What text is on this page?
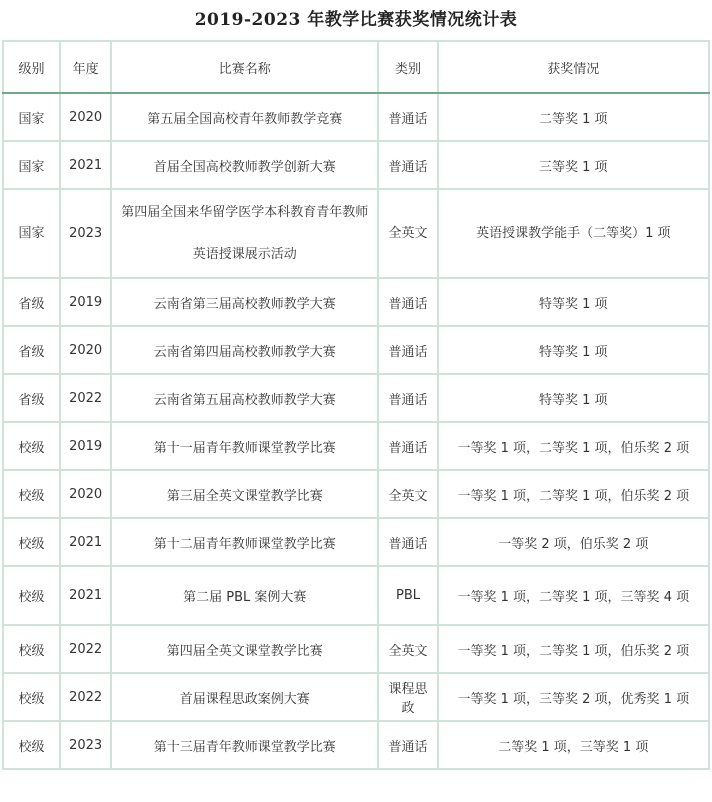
2019-2023 年教学比赛获奖情况统计表
级别	年度	比赛名称	类别	获奖情况
国家	2020	第五届全国高校青年教师教学竞赛	普通话	二等奖 1 项
国家	2021	首届全国高校教师教学创新大赛	普通话	三等奖 1 项
国家	2023	第四届全国来华留学医学本科教育青年教师英语授课展示活动	全英文	英语授课教学能手（二等奖）1 项
省级	2019	云南省第三届高校教师教学大赛	普通话	特等奖 1 项
省级	2020	云南省第四届高校教师教学大赛	普通话	特等奖 1 项
省级	2022	云南省第五届高校教师教学大赛	普通话	特等奖 1 项
校级	2019	第十一届青年教师课堂教学比赛	普通话	一等奖 1 项，二等奖 1 项，伯乐奖 2 项
校级	2020	第三届全英文课堂教学比赛	全英文	一等奖 1 项，二等奖 1 项，伯乐奖 2 项
校级	2021	第十二届青年教师课堂教学比赛	普通话	一等奖 2 项，伯乐奖 2 项
校级	2021	第二届 PBL 案例大赛	PBL	一等奖 1 项，二等奖 1 项，三等奖 4 项
校级	2022	第四届全英文课堂教学比赛	全英文	一等奖 1 项，二等奖 1 项，伯乐奖 2 项
校级	2022	首届课程思政案例大赛	课程思政	一等奖 1 项，三等奖 2 项，优秀奖 1 项
校级	2023	第十三届青年教师课堂教学比赛	普通话	二等奖 1 项，三等奖 1 项
